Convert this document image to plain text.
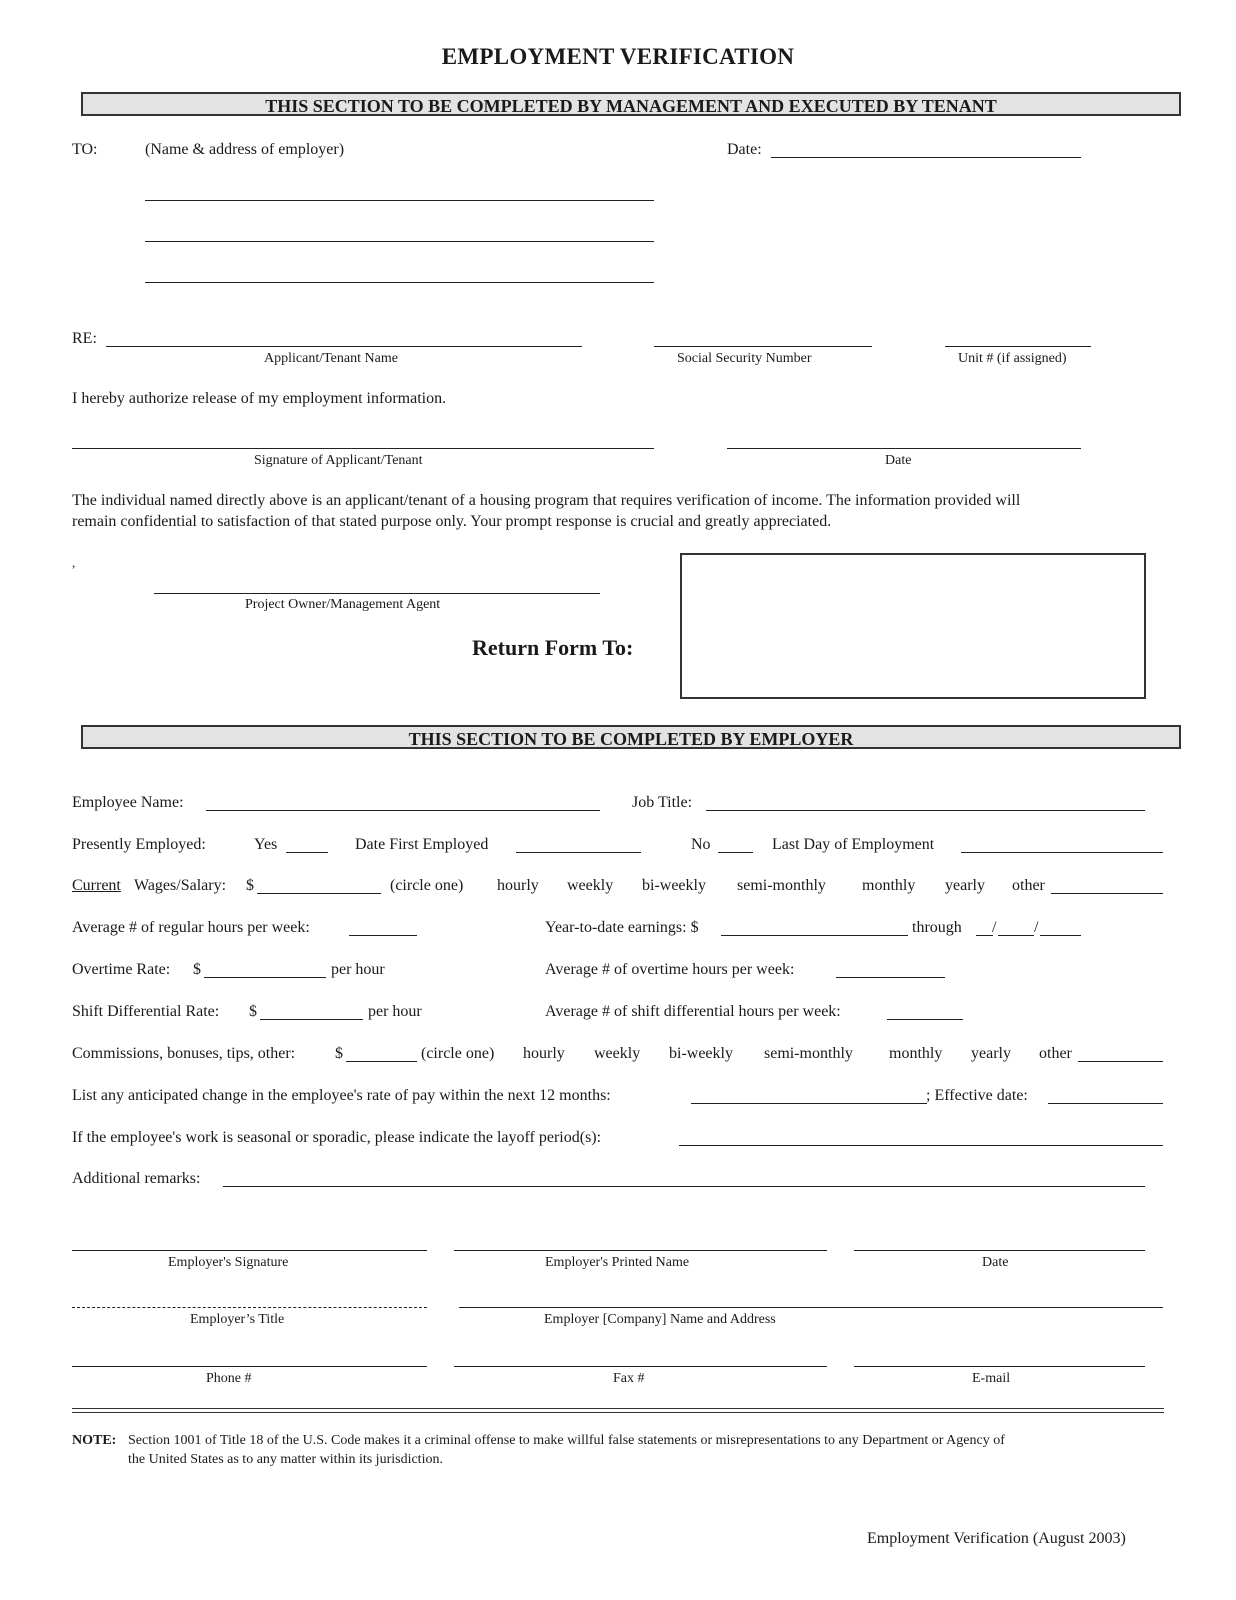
EMPLOYMENT VERIFICATION
THIS SECTION TO BE COMPLETED BY MANAGEMENT AND EXECUTED BY TENANT
TO:	(Name & address of employer)	Date:
RE:
Applicant/Tenant Name	Social Security Number	Unit # (if assigned)
I hereby authorize release of my employment information.
Signature of Applicant/Tenant	Date
The individual named directly above is an applicant/tenant of a housing program that requires verification of income. The information provided will
remain confidential to satisfaction of that stated purpose only. Your prompt response is crucial and greatly appreciated.
,
Project Owner/Management Agent
Return Form To:
THIS SECTION TO BE COMPLETED BY EMPLOYER
Employee Name:	Job Title:
Presently Employed:	Yes	Date First Employed	No	Last Day of Employment
Current Wages/Salary: $	(circle one) hourly weekly bi-weekly semi-monthly monthly yearly other
Average # of regular hours per week:	Year-to-date earnings: $	through / /
Overtime Rate: $	per hour	Average # of overtime hours per week:
Shift Differential Rate: $	per hour	Average # of shift differential hours per week:
Commissions, bonuses, tips, other: $	(circle one) hourly weekly bi-weekly semi-monthly monthly yearly other
List any anticipated change in the employee's rate of pay within the next 12 months:	; Effective date:
If the employee's work is seasonal or sporadic, please indicate the layoff period(s):
Additional remarks:
Employer's Signature	Employer's Printed Name	Date
Employer’s Title	Employer [Company] Name and Address
Phone #	Fax #	E-mail
NOTE: Section 1001 of Title 18 of the U.S. Code makes it a criminal offense to make willful false statements or misrepresentations to any Department or Agency of
the United States as to any matter within its jurisdiction.
Employment Verification (August 2003)
